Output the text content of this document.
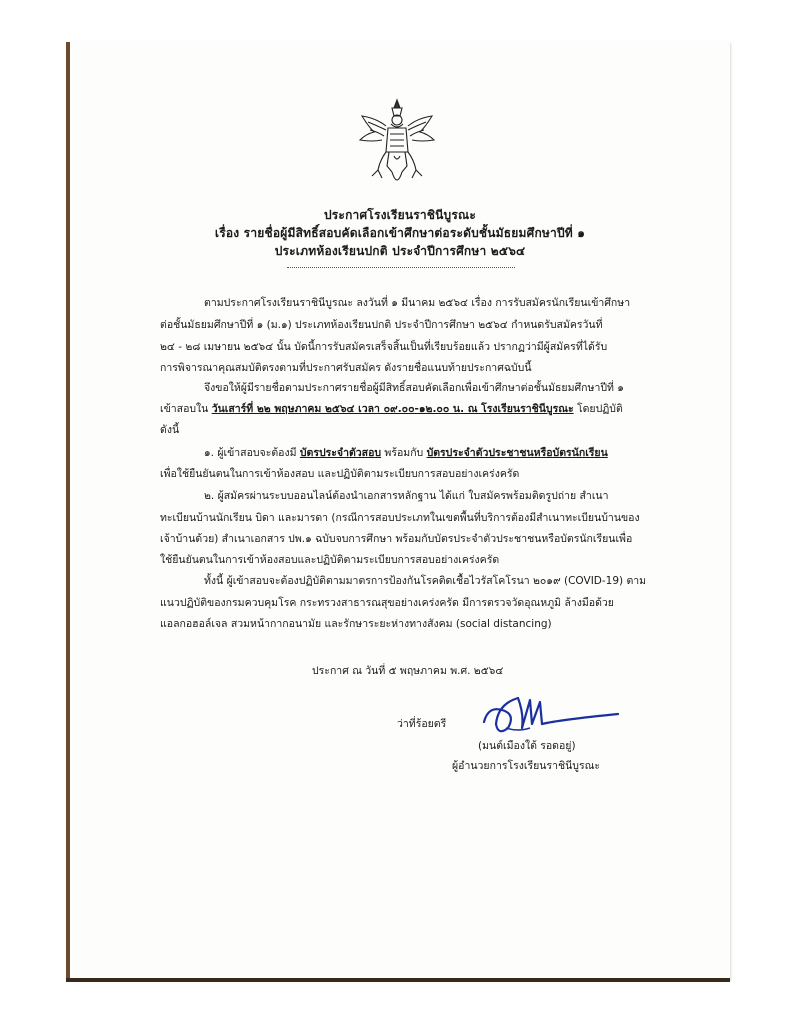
ประกาศโรงเรียนราชินีบูรณะ
เรื่อง รายชื่อผู้มีสิทธิ์สอบคัดเลือกเข้าศึกษาต่อระดับชั้นมัธยมศึกษาปีที่ ๑
ประเภทห้องเรียนปกติ ประจำปีการศึกษา ๒๕๖๔
ตามประกาศโรงเรียนราชินีบูรณะ ลงวันที่ ๑ มีนาคม ๒๕๖๔ เรื่อง การรับสมัครนักเรียนเข้าศึกษา
ต่อชั้นมัธยมศึกษาปีที่ ๑ (ม.๑) ประเภทห้องเรียนปกติ ประจำปีการศึกษา ๒๕๖๔ กำหนดรับสมัครวันที่
๒๔ - ๒๘ เมษายน ๒๕๖๔ นั้น บัดนี้การรับสมัครเสร็จสิ้นเป็นที่เรียบร้อยแล้ว ปรากฏว่ามีผู้สมัครที่ได้รับ
การพิจารณาคุณสมบัติตรงตามที่ประกาศรับสมัคร ดังรายชื่อแนบท้ายประกาศฉบับนี้
จึงขอให้ผู้มีรายชื่อตามประกาศรายชื่อผู้มีสิทธิ์สอบคัดเลือกเพื่อเข้าศึกษาต่อชั้นมัธยมศึกษาปีที่ ๑
เข้าสอบใน วันเสาร์ที่ ๒๒ พฤษภาคม ๒๕๖๔ เวลา ๐๙.๐๐-๑๒.๐๐ น. ณ โรงเรียนราชินีบูรณะ โดยปฏิบัติ
ดังนี้
๑. ผู้เข้าสอบจะต้องมี บัตรประจำตัวสอบ พร้อมกับ บัตรประจำตัวประชาชนหรือบัตรนักเรียน
เพื่อใช้ยืนยันตนในการเข้าห้องสอบ และปฏิบัติตามระเบียบการสอบอย่างเคร่งครัด
๒. ผู้สมัครผ่านระบบออนไลน์ต้องนำเอกสารหลักฐาน ได้แก่ ใบสมัครพร้อมติดรูปถ่าย สำเนา
ทะเบียนบ้านนักเรียน บิดา และมารดา (กรณีการสอบประเภทในเขตพื้นที่บริการต้องมีสำเนาทะเบียนบ้านของ
เจ้าบ้านด้วย) สำเนาเอกสาร ปพ.๑ ฉบับจบการศึกษา พร้อมกับบัตรประจำตัวประชาชนหรือบัตรนักเรียนเพื่อ
ใช้ยืนยันตนในการเข้าห้องสอบและปฏิบัติตามระเบียบการสอบอย่างเคร่งครัด
ทั้งนี้ ผู้เข้าสอบจะต้องปฏิบัติตามมาตรการป้องกันโรคติดเชื้อไวรัสโคโรนา ๒๐๑๙ (COVID-19) ตาม
แนวปฏิบัติของกรมควบคุมโรค กระทรวงสาธารณสุขอย่างเคร่งครัด มีการตรวจวัดอุณหภูมิ ล้างมือด้วย
แอลกอฮอล์เจล สวมหน้ากากอนามัย และรักษาระยะห่างทางสังคม (social distancing)
ประกาศ ณ วันที่ ๕ พฤษภาคม พ.ศ. ๒๕๖๔
ว่าที่ร้อยตรี
(มนต์เมืองใต้ รอดอยู่)
ผู้อำนวยการโรงเรียนราชินีบูรณะ
